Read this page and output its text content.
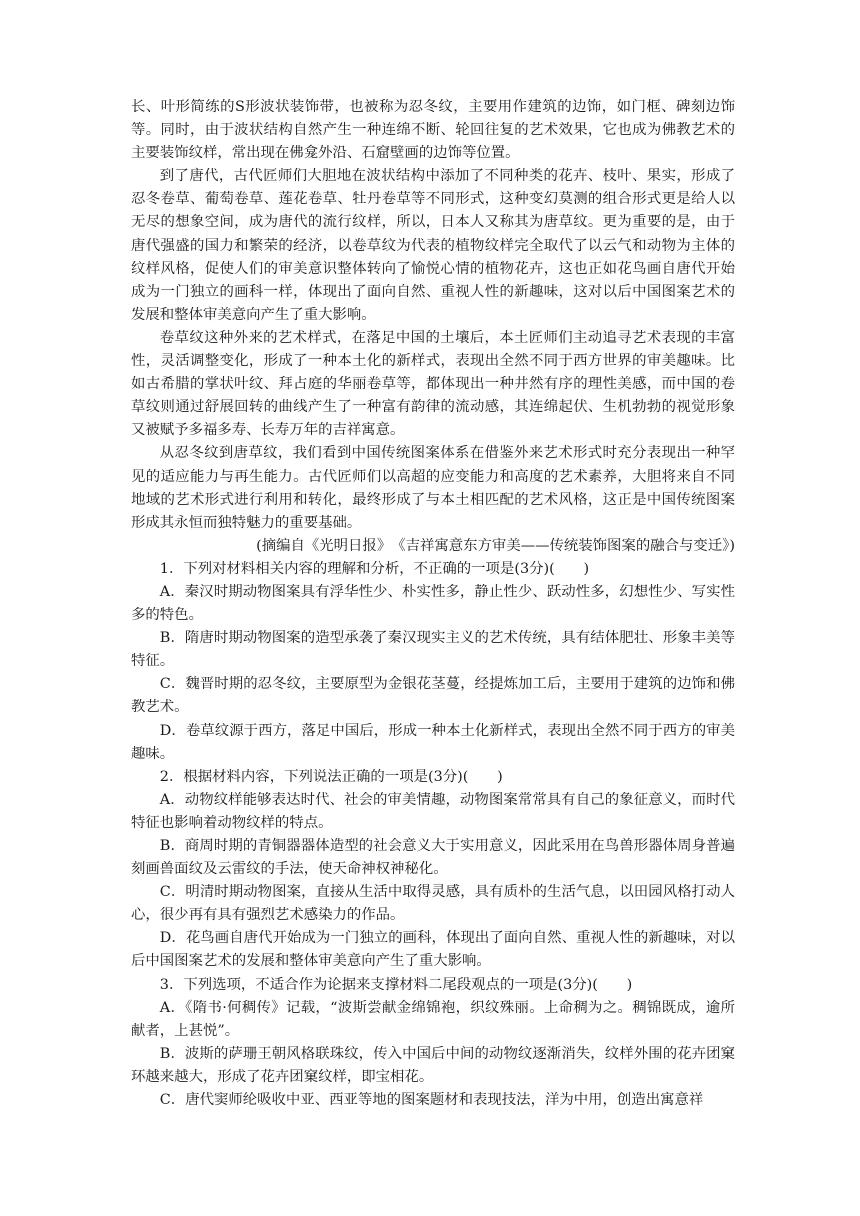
长、叶形简练的S形波状装饰带，也被称为忍冬纹，主要用作建筑的边饰，如门框、碑刻边饰等。同时，由于波状结构自然产生一种连绵不断、轮回往复的艺术效果，它也成为佛教艺术的主要装饰纹样，常出现在佛龛外沿、石窟壁画的边饰等位置。

到了唐代，古代匠师们大胆地在波状结构中添加了不同种类的花卉、枝叶、果实，形成了忍冬卷草、葡萄卷草、莲花卷草、牡丹卷草等不同形式，这种变幻莫测的组合形式更是给人以无尽的想象空间，成为唐代的流行纹样，所以，日本人又称其为唐草纹。更为重要的是，由于唐代强盛的国力和繁荣的经济，以卷草纹为代表的植物纹样完全取代了以云气和动物为主体的纹样风格，促使人们的审美意识整体转向了愉悦心情的植物花卉，这也正如花鸟画自唐代开始成为一门独立的画科一样，体现出了面向自然、重视人性的新趣味，这对以后中国图案艺术的发展和整体审美意向产生了重大影响。

卷草纹这种外来的艺术样式，在落足中国的土壤后，本土匠师们主动追寻艺术表现的丰富性，灵活调整变化，形成了一种本土化的新样式，表现出全然不同于西方世界的审美趣味。比如古希腊的掌状叶纹、拜占庭的华丽卷草等，都体现出一种井然有序的理性美感，而中国的卷草纹则通过舒展回转的曲线产生了一种富有韵律的流动感，其连绵起伏、生机勃勃的视觉形象又被赋予多福多寿、长寿万年的吉祥寓意。

从忍冬纹到唐草纹，我们看到中国传统图案体系在借鉴外来艺术形式时充分表现出一种罕见的适应能力与再生能力。古代匠师们以高超的应变能力和高度的艺术素养，大胆将来自不同地域的艺术形式进行利用和转化，最终形成了与本土相匹配的艺术风格，这正是中国传统图案形成其永恒而独特魅力的重要基础。

(摘编自《光明日报》　《吉祥寓意东方审美——传统装饰图案的融合与变迁》)

1．下列对材料相关内容的理解和分析，不正确的一项是(3分)(　　)

A．秦汉时期动物图案具有浮华性少、朴实性多，静止性少、跃动性多，幻想性少、写实性多的特色。

B．隋唐时期动物图案的造型承袭了秦汉现实主义的艺术传统，具有结体肥壮、形象丰美等特征。

C．魏晋时期的忍冬纹，主要原型为金银花茎蔓，经提炼加工后，主要用于建筑的边饰和佛教艺术。

D．卷草纹源于西方，落足中国后，形成一种本土化新样式，表现出全然不同于西方的审美趣味。

2．根据材料内容，下列说法正确的一项是(3分)(　　)

A．动物纹样能够表达时代、社会的审美情趣，动物图案常常具有自己的象征意义，而时代特征也影响着动物纹样的特点。

B．商周时期的青铜器器体造型的社会意义大于实用意义，因此采用在鸟兽形器体周身普遍刻画兽面纹及云雷纹的手法，使天命神权神秘化。

C．明清时期动物图案，直接从生活中取得灵感，具有质朴的生活气息，以田园风格打动人心，很少再有具有强烈艺术感染力的作品。

D．花鸟画自唐代开始成为一门独立的画科，体现出了面向自然、重视人性的新趣味，对以后中国图案艺术的发展和整体审美意向产生了重大影响。

3．下列选项，不适合作为论据来支撑材料二尾段观点的一项是(3分)(　　)

A．《隋书·何稠传》记载，“波斯尝献金绵锦袍，织纹殊丽。上命稠为之。稠锦既成，逾所献者，上甚悦”。

B．波斯的萨珊王朝风格联珠纹，传入中国后中间的动物纹逐渐消失，纹样外围的花卉团窠环越来越大，形成了花卉团窠纹样，即宝相花。

C．唐代窦师纶吸收中亚、西亚等地的图案题材和表现技法，洋为中用，创造出寓意祥
